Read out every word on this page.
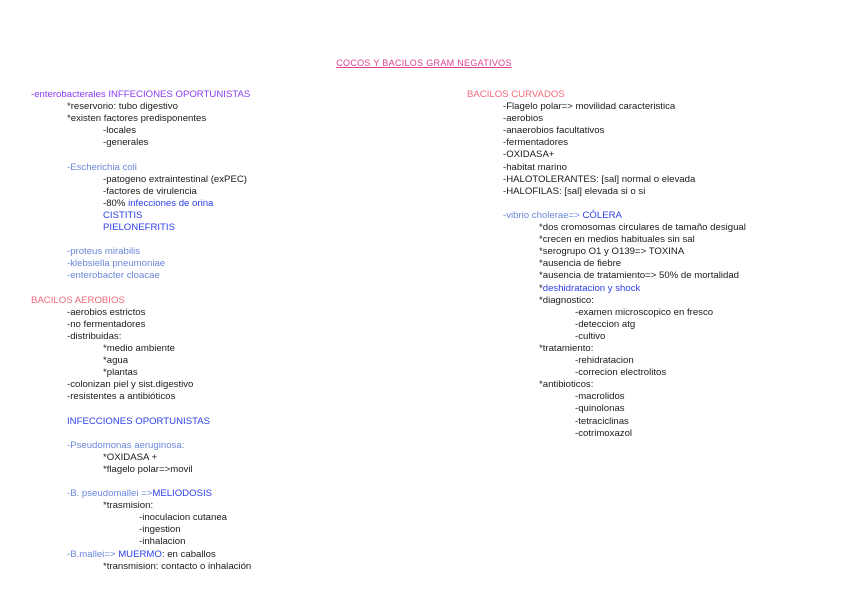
COCOS Y BACILOS GRAM NEGATIVOS
-enterobacterales INFFECIONES OPORTUNISTAS
*reservorio: tubo digestivo
*existen factores predisponentes
-locales
-generales
-Escherichia coli
-patogeno extraintestinal (exPEC)
-factores de virulencia
-80% infecciones de orina
CISTITIS
PIELONEFRITIS
-proteus mirabilis
-klebsiella pneumoniae
-enterobacter cloacae
BACILOS AEROBIOS
-aerobios estrictos
-no fermentadores
-distribuidas:
*medio ambiente
*agua
*plantas
-colonizan piel y sist.digestivo
-resistentes a antibióticos
INFECCIONES OPORTUNISTAS
-Pseudomonas aeruginosa:
*OXIDASA +
*flagelo polar=>movil
-B. pseudomallei =>MELIODOSIS
*trasmision:
-inoculacion cutanea
-ingestion
-inhalacion
-B.mallei=> MUERMO: en caballos
*transmision: contacto o inhalación
BACILOS CURVADOS
-Flagelo polar=> movilidad caracteristica
-aerobios
-anaerobios facultativos
-fermentadores
-OXIDASA+
-habitat marino
-HALOTOLERANTES: [sal] normal o elevada
-HALOFILAS: [sal] elevada si o si
-vibrio cholerae=> CÓLERA
*dos cromosomas circulares de tamaño desigual
*crecen en medios habituales sin sal
*serogrupo O1 y O139=> TOXINA
*ausencia de fiebre
*ausencia de tratamiento=> 50% de mortalidad
*deshidratacion y shock
*diagnostico:
-examen microscopico en fresco
-deteccion atg
-cultivo
*tratamiento:
-rehidratacion
-correcion electrolitos
*antibioticos:
-macrolidos
-quinolonas
-tetraciclinas
-cotrimoxazol
